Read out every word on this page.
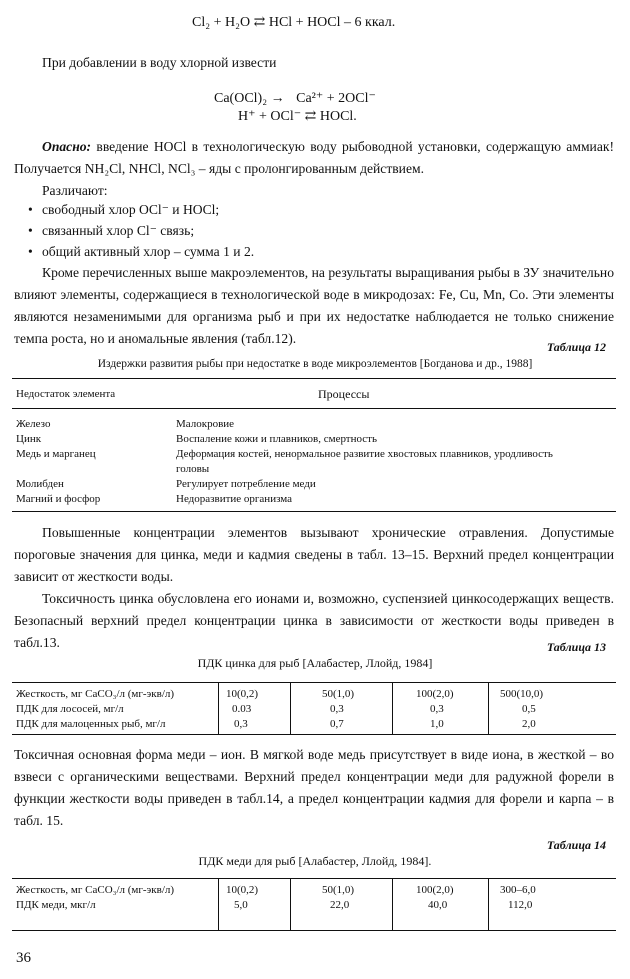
Cl₂ + H₂O ⇄ HCl + HOCl – 6 ккал.
При добавлении в воду хлорной извести
Ca(OCl)₂ → Ca²⁺ + 2OCl⁻
H⁺ + OCl⁻ ⇄ HOCl.
Опасно: введение HOCl в технологическую воду рыбоводной установки, содержащую аммиак! Получается NH₂Cl, NHCl, NCl₃ – яды с пролонгированным действием.
Различают:
• свободный хлор OCl⁻ и HOCl;
• связанный хлор Cl⁻ связь;
• общий активный хлор – сумма 1 и 2.
Кроме перечисленных выше макроэлементов, на результаты выращивания рыбы в ЗУ значительно влияют элементы, содержащиеся в технологической воде в микродозах: Fe, Cu, Mn, Co. Эти элементы являются незаменимыми для организма рыб и при их недостатке наблюдается не только снижение темпа роста, но и аномальные явления (табл.12).
Таблица 12
Издержки развития рыбы при недостатке в воде микроэлементов [Богданова и др., 1988]
Недостаток элемента	Процессы
Железо	Малокровие
Цинк	Воспаление кожи и плавников, смертность
Медь и марганец	Деформация костей, ненормальное развитие хвостовых плавников, уродливость головы
Молибден	Регулирует потребление меди
Магний и фосфор	Недоразвитие организма
Повышенные концентрации элементов вызывают хронические отравления. Допустимые пороговые значения для цинка, меди и кадмия сведены в табл. 13–15. Верхний предел концентрации зависит от жесткости воды.
Токсичность цинка обусловлена его ионами и, возможно, суспензией цинкосодержащих веществ. Безопасный верхний предел концентрации цинка в зависимости от жесткости воды приведен в табл.13.	Таблица 13
ПДК цинка для рыб [Алабастер, Ллойд, 1984]
Жесткость, мг CaCO₃/л (мг-экв/л)	10(0,2)	50(1,0)	100(2,0)	500(10,0)
ПДК для лососей, мг/л	0.03	0,3	0,3	0,5
ПДК для малоценных рыб, мг/л	0,3	0,7	1,0	2,0
Токсичная основная форма меди – ион. В мягкой воде медь присутствует в виде иона, в жесткой – во взвеси с органическими веществами. Верхний предел концентрации меди для радужной форели в функции жесткости воды приведен в табл.14, а предел концентрации кадмия для форели и карпа – в табл. 15.
Таблица 14
ПДК меди для рыб [Алабастер, Ллойд, 1984].
Жесткость, мг CaCO₃/л (мг-экв/л)	10(0,2)	50(1,0)	100(2,0)	300–6,0
ПДК меди, мкг/л	5,0	22,0	40,0	112,0
36
